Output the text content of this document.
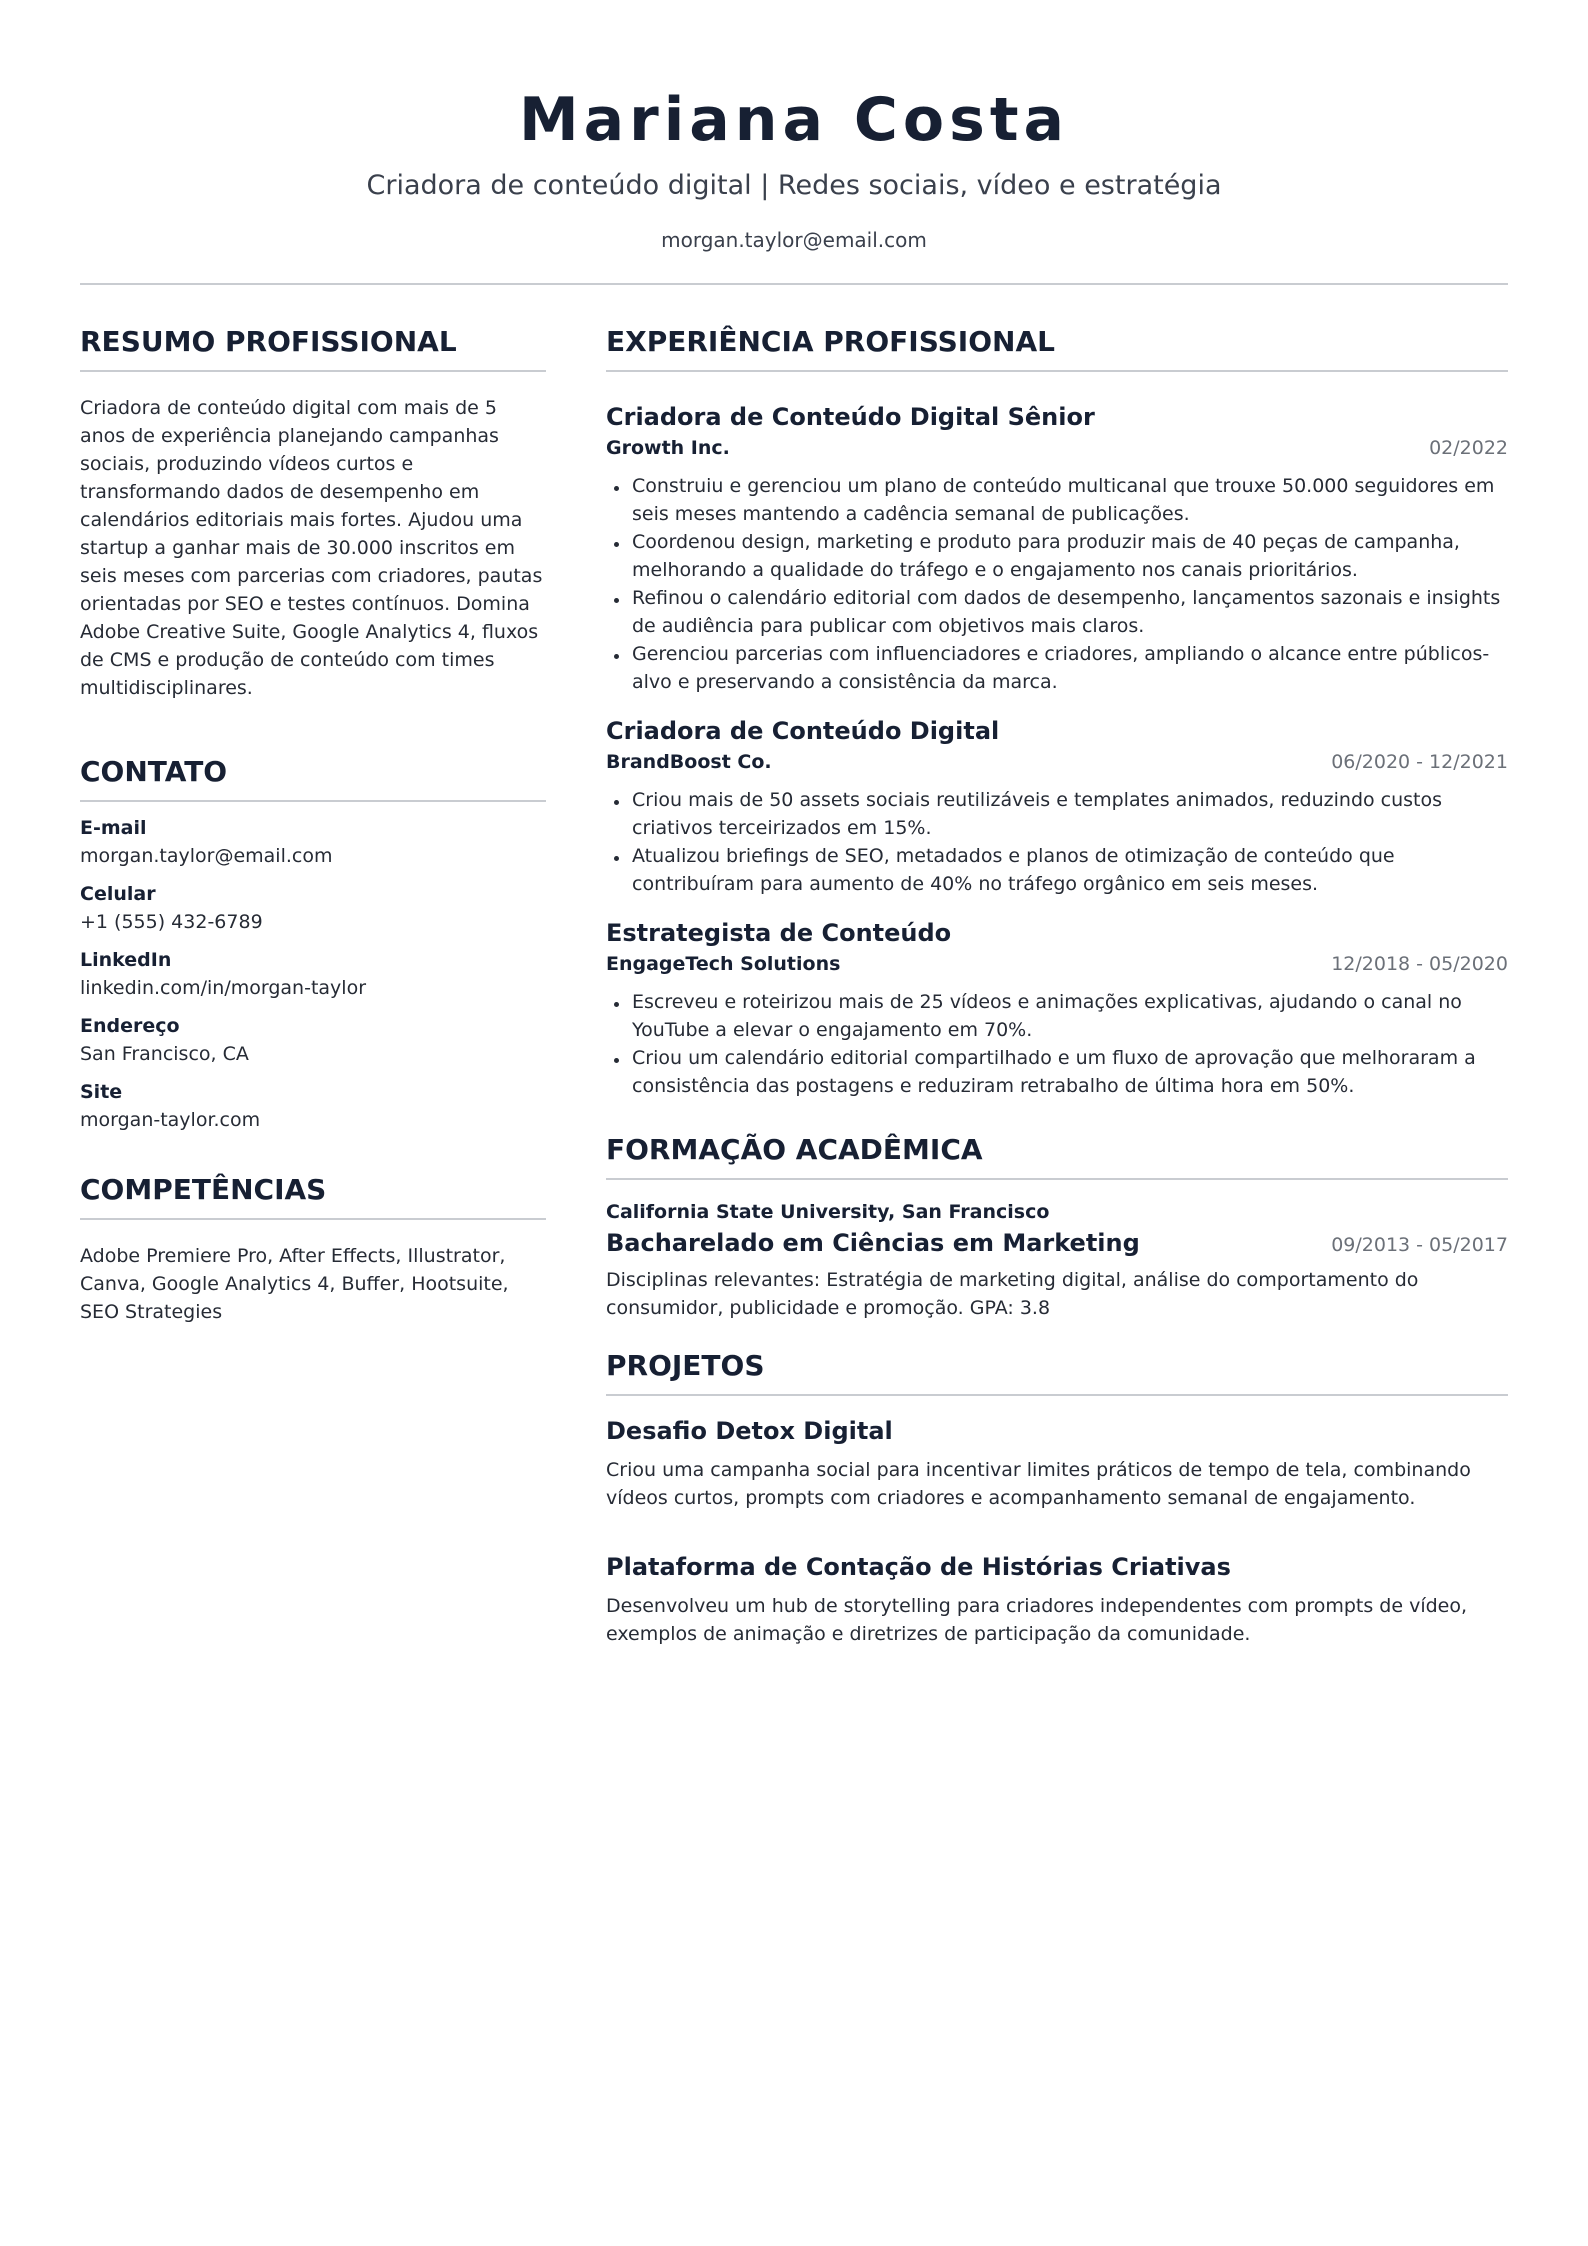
Mariana Costa
Criadora de conteúdo digital | Redes sociais, vídeo e estratégia
morgan.taylor@email.com
RESUMO PROFISSIONAL

Criadora de conteúdo digital com mais de 5 anos de experiência planejando campanhas sociais, produzindo vídeos curtos e transformando dados de desempenho em calendários editoriais mais fortes. Ajudou uma startup a ganhar mais de 30.000 inscritos em seis meses com parcerias com criadores, pautas orientadas por SEO e testes contínuos. Domina Adobe Creative Suite, Google Analytics 4, fluxos de CMS e produção de conteúdo com times multidisciplinares.

CONTATO
E-mail
morgan.taylor@email.com
Celular
+1 (555) 432-6789
LinkedIn
linkedin.com/in/morgan-taylor
Endereço
San Francisco, CA
Site
morgan-taylor.com
COMPETÊNCIAS

Adobe Premiere Pro, After Effects, Illustrator, Canva, Google Analytics 4, Buffer, Hootsuite, SEO Strategies

EXPERIÊNCIA PROFISSIONAL
Criadora de Conteúdo Digital Sênior
Growth Inc.	02/2022
Construiu e gerenciou um plano de conteúdo multicanal que trouxe 50.000 seguidores em seis meses mantendo a cadência semanal de publicações.
Coordenou design, marketing e produto para produzir mais de 40 peças de campanha, melhorando a qualidade do tráfego e o engajamento nos canais prioritários.
Refinou o calendário editorial com dados de desempenho, lançamentos sazonais e insights de audiência para publicar com objetivos mais claros.
Gerenciou parcerias com influenciadores e criadores, ampliando o alcance entre públicos-alvo e preservando a consistência da marca.
Criadora de Conteúdo Digital
BrandBoost Co.	06/2020 - 12/2021
Criou mais de 50 assets sociais reutilizáveis e templates animados, reduzindo custos criativos terceirizados em 15%.
Atualizou briefings de SEO, metadados e planos de otimização de conteúdo que contribuíram para aumento de 40% no tráfego orgânico em seis meses.
Estrategista de Conteúdo
EngageTech Solutions	12/2018 - 05/2020
Escreveu e roteirizou mais de 25 vídeos e animações explicativas, ajudando o canal no YouTube a elevar o engajamento em 70%.
Criou um calendário editorial compartilhado e um fluxo de aprovação que melhoraram a consistência das postagens e reduziram retrabalho de última hora em 50%.
FORMAÇÃO ACADÊMICA
California State University, San Francisco
Bacharelado em Ciências em Marketing	09/2013 - 05/2017
Disciplinas relevantes: Estratégia de marketing digital, análise do comportamento do consumidor, publicidade e promoção. GPA: 3.8
PROJETOS
Desafio Detox Digital
Criou uma campanha social para incentivar limites práticos de tempo de tela, combinando vídeos curtos, prompts com criadores e acompanhamento semanal de engajamento.
Plataforma de Contação de Histórias Criativas
Desenvolveu um hub de storytelling para criadores independentes com prompts de vídeo, exemplos de animação e diretrizes de participação da comunidade.
